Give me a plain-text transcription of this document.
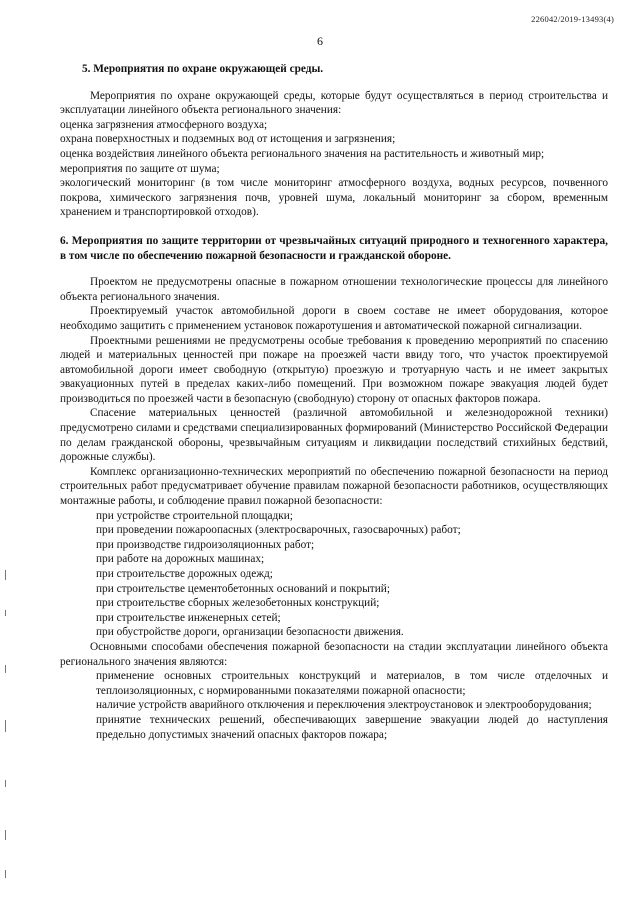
226042/2019-13493(4)
6
5. Мероприятия по охране окружающей среды.

Мероприятия по охране окружающей среды, которые будут осуществляться в период строительства и эксплуатации линейного объекта регионального значения:

оценка загрязнения атмосферного воздуха;

охрана поверхностных и подземных вод от истощения и загрязнения;

оценка воздействия линейного объекта регионального значения на растительность и животный мир;

мероприятия по защите от шума;

экологический мониторинг (в том числе мониторинг атмосферного воздуха, водных ресурсов, почвенного покрова, химического загрязнения почв, уровней шума, локальный мониторинг за сбором, временным хранением и транспортировкой отходов).

6. Мероприятия по защите территории от чрезвычайных ситуаций природного и техногенного характера, в том числе по обеспечению пожарной безопасности и гражданской обороне.

Проектом не предусмотрены опасные в пожарном отношении технологические процессы для линейного объекта регионального значения.

Проектируемый участок автомобильной дороги в своем составе не имеет оборудования, которое необходимо защитить с применением установок пожаротушения и автоматической пожарной сигнализации.

Проектными решениями не предусмотрены особые требования к проведению мероприятий по спасению людей и материальных ценностей при пожаре на проезжей части ввиду того, что участок проектируемой автомобильной дороги имеет свободную (открытую) проезжую и тротуарную часть и не имеет закрытых эвакуационных путей в пределах каких-либо помещений. При возможном пожаре эвакуация людей будет производиться по проезжей части в безопасную (свободную) сторону от опасных факторов пожара.

Спасение материальных ценностей (различной автомобильной и железнодорожной техники) предусмотрено силами и средствами специализированных формирований (Министерство Российской Федерации по делам гражданской обороны, чрезвычайным ситуациям и ликвидации последствий стихийных бедствий, дорожные службы).

Комплекс организационно-технических мероприятий по обеспечению пожарной безопасности на период строительных работ предусматривает обучение правилам пожарной безопасности работников, осуществляющих монтажные работы, и соблюдение правил пожарной безопасности:

при устройстве строительной площадки;

при проведении пожароопасных (электросварочных, газосварочных) работ;

при производстве гидроизоляционных работ;

при работе на дорожных машинах;

при строительстве дорожных одежд;

при строительстве цементобетонных оснований и покрытий;

при строительстве сборных железобетонных конструкций;

при строительстве инженерных сетей;

при обустройстве дороги, организации безопасности движения.

Основными способами обеспечения пожарной безопасности на стадии эксплуатации линейного объекта регионального значения являются:

применение основных строительных конструкций и материалов, в том числе отделочных и теплоизоляционных, с нормированными показателями пожарной опасности;

наличие устройств аварийного отключения и переключения электроустановок и электрооборудования;

принятие технических решений, обеспечивающих завершение эвакуации людей до наступления предельно допустимых значений опасных факторов пожара;
